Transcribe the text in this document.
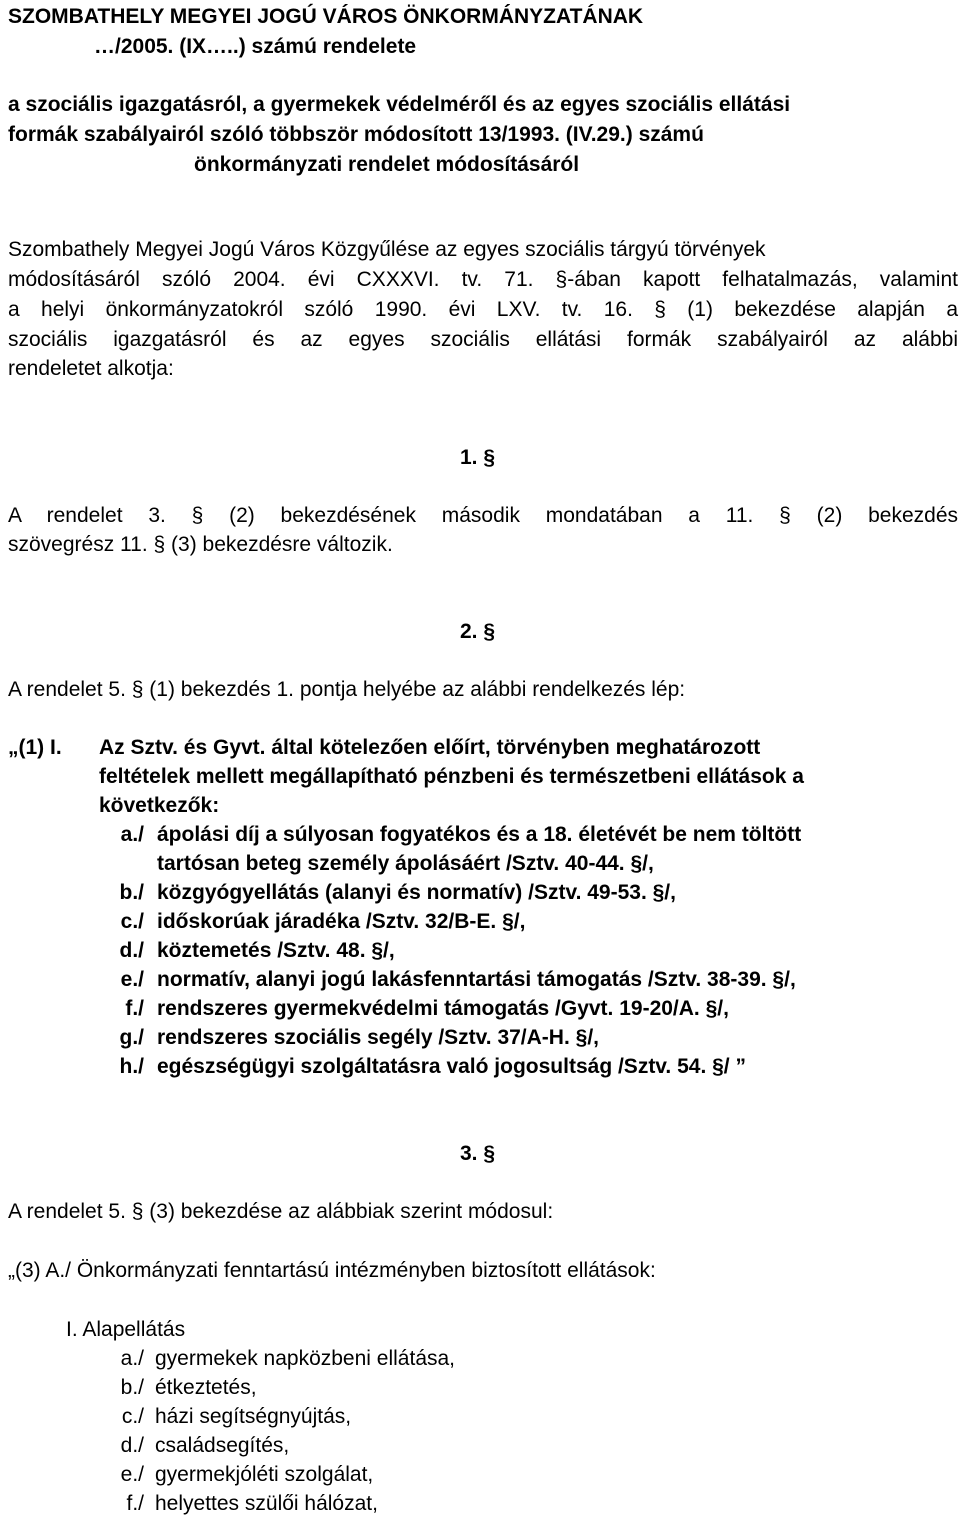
SZOMBATHELY MEGYEI JOGÚ VÁROS ÖNKORMÁNYZATÁNAK
…/2005. (IX…..) számú rendelete
a szociális igazgatásról, a gyermekek védelméről és az egyes szociális ellátási
formák szabályairól szóló többször módosított 13/1993. (IV.29.) számú
önkormányzati rendelet módosításáról
Szombathely Megyei Jogú Város Közgyűlése az egyes szociális tárgyú törvények
módosításáról szóló 2004. évi CXXXVI. tv. 71. §-ában kapott felhatalmazás, valamint
a helyi önkormányzatokról szóló 1990. évi LXV. tv. 16. § (1) bekezdése alapján a
szociális igazgatásról és az egyes szociális ellátási formák szabályairól az alábbi
rendeletet alkotja:
1. §
A rendelet 3. § (2) bekezdésének második mondatában a 11. § (2) bekezdés
szövegrész 11. § (3) bekezdésre változik.
2. §
A rendelet 5. § (1) bekezdés 1. pontja helyébe az alábbi rendelkezés lép:
„(1) I. Az Sztv. és Gyvt. által kötelezően előírt, törvényben meghatározott
feltételek mellett megállapítható pénzbeni és természetbeni ellátások a
következők:
a./ ápolási díj a súlyosan fogyatékos és a 18. életévét be nem töltött
tartósan beteg személy ápolásáért /Sztv. 40-44. §/,
b./ közgyógyellátás (alanyi és normatív) /Sztv. 49-53. §/,
c./ időskorúak járadéka /Sztv. 32/B-E. §/,
d./ köztemetés /Sztv. 48. §/,
e./ normatív, alanyi jogú lakásfenntartási támogatás /Sztv. 38-39. §/,
f./ rendszeres gyermekvédelmi támogatás /Gyvt. 19-20/A. §/,
g./ rendszeres szociális segély /Sztv. 37/A-H. §/,
h./ egészségügyi szolgáltatásra való jogosultság /Sztv. 54. §/ ”
3. §
A rendelet 5. § (3) bekezdése az alábbiak szerint módosul:
„(3) A./ Önkormányzati fenntartású intézményben biztosított ellátások:
I. Alapellátás
a./ gyermekek napközbeni ellátása,
b./ étkeztetés,
c./ házi segítségnyújtás,
d./ családsegítés,
e./ gyermekjóléti szolgálat,
f./ helyettes szülői hálózat,
